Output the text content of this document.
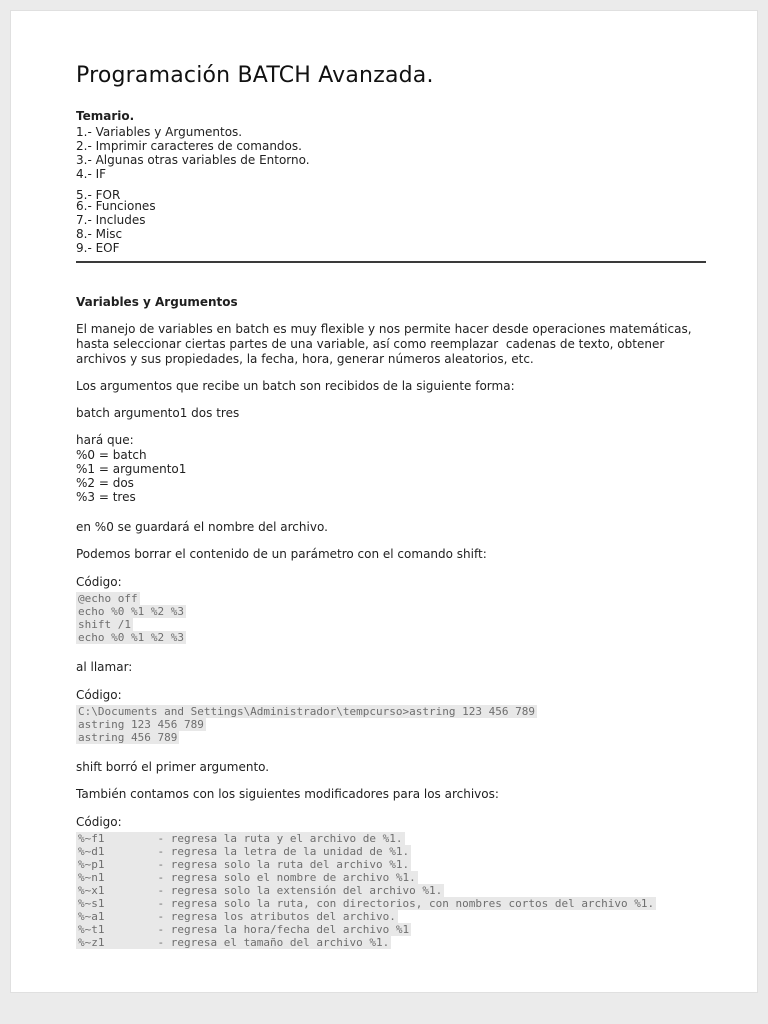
Programación BATCH Avanzada.
Temario.
1.- Variables y Argumentos.
2.- Imprimir caracteres de comandos.
3.- Algunas otras variables de Entorno.
4.- IF
5.- FOR
6.- Funciones
7.- Includes
8.- Misc
9.- EOF
Variables y Argumentos
El manejo de variables en batch es muy flexible y nos permite hacer desde operaciones matemáticas, hasta seleccionar ciertas partes de una variable, así como reemplazar  cadenas de texto, obtener archivos y sus propiedades, la fecha, hora, generar números aleatorios, etc.
Los argumentos que recibe un batch son recibidos de la siguiente forma:
batch argumento1 dos tres
hará que:
%0 = batch
%1 = argumento1
%2 = dos
%3 = tres
en %0 se guardará el nombre del archivo.
Podemos borrar el contenido de un parámetro con el comando shift:
Código:
@echo off
echo %0 %1 %2 %3
shift /1
echo %0 %1 %2 %3
al llamar:
Código:
C:\Documents and Settings\Administrador\tempcurso>astring 123 456 789
astring 123 456 789
astring 456 789
shift borró el primer argumento.
También contamos con los siguientes modificadores para los archivos:
Código:
%~f1        - regresa la ruta y el archivo de %1.
%~d1        - regresa la letra de la unidad de %1.
%~p1        - regresa solo la ruta del archivo %1.
%~n1        - regresa solo el nombre de archivo %1.
%~x1        - regresa solo la extensión del archivo %1.
%~s1        - regresa solo la ruta, con directorios, con nombres cortos del archivo %1.
%~a1        - regresa los atributos del archivo.
%~t1        - regresa la hora/fecha del archivo %1
%~z1        - regresa el tamaño del archivo %1.
